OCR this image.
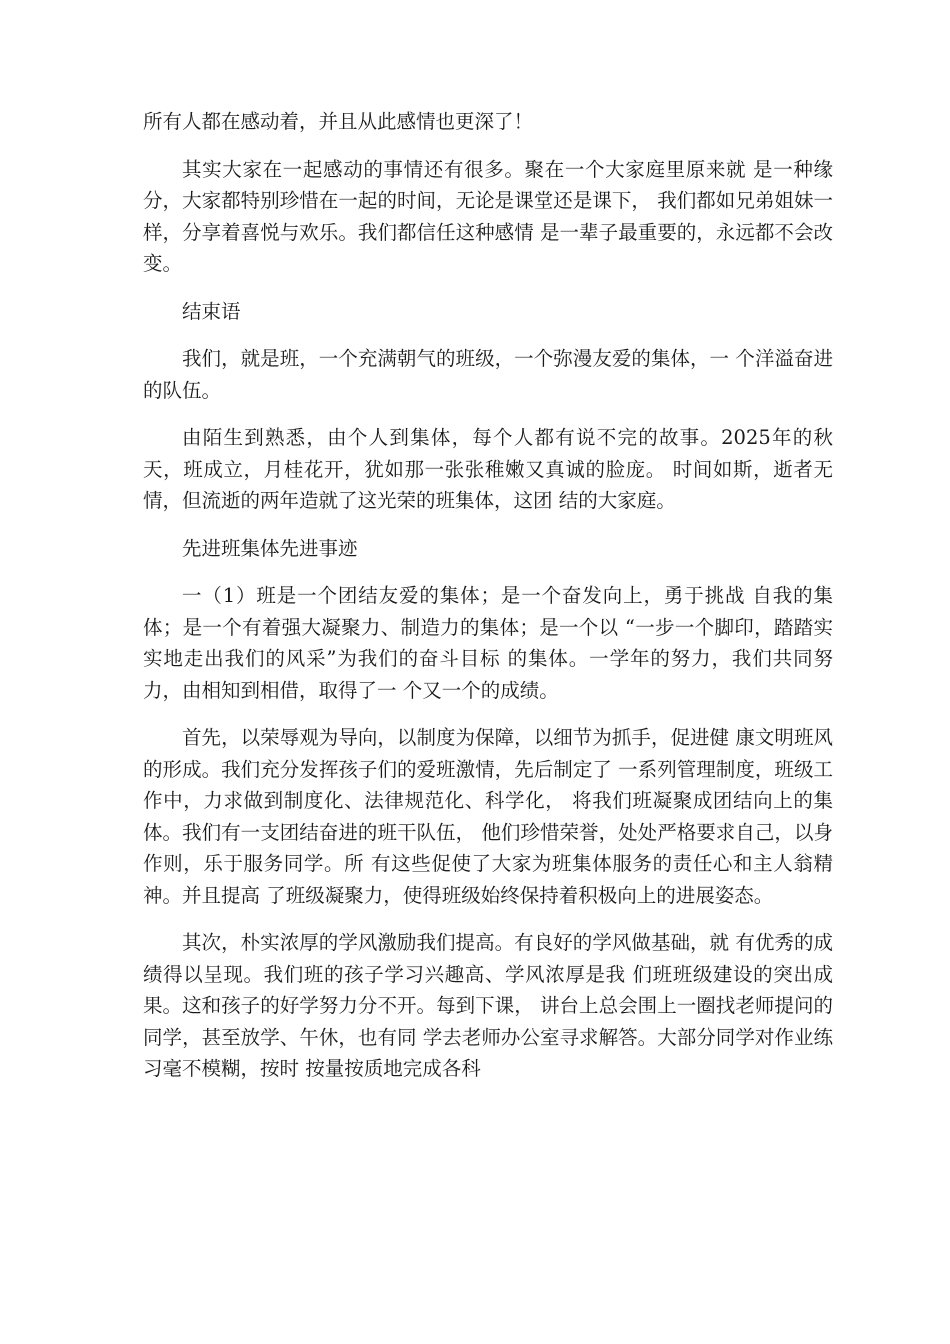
所有人都在感动着，并且从此感情也更深了！

其实大家在一起感动的事情还有很多。聚在一个大家庭里原来就 是一种缘分，大家都特别珍惜在一起的时间，无论是课堂还是课下， 我们都如兄弟姐妹一样，分享着喜悦与欢乐。我们都信任这种感情 是一辈子最重要的，永远都不会改变。

结束语

我们，就是班，一个充满朝气的班级，一个弥漫友爱的集体，一 个洋溢奋进的队伍。

由陌生到熟悉，由个人到集体，每个人都有说不完的故事。2025年的秋天，班成立，月桂花开，犹如那一张张稚嫩又真诚的脸庞。 时间如斯，逝者无情，但流逝的两年造就了这光荣的班集体，这团 结的大家庭。

先进班集体先进事迹

一（1）班是一个团结友爱的集体；是一个奋发向上，勇于挑战 自我的集体；是一个有着强大凝聚力、制造力的集体；是一个以 “一步一个脚印，踏踏实实地走出我们的风采”为我们的奋斗目标 的集体。一学年的努力，我们共同努力，由相知到相借，取得了一 个又一个的成绩。

首先，以荣辱观为导向，以制度为保障，以细节为抓手，促进健 康文明班风的形成。我们充分发挥孩子们的爱班激情，先后制定了 一系列管理制度，班级工作中，力求做到制度化、法律规范化、科学化， 将我们班凝聚成团结向上的集体。我们有一支团结奋进的班干队伍， 他们珍惜荣誉，处处严格要求自己，以身作则，乐于服务同学。所 有这些促使了大家为班集体服务的责任心和主人翁精神。并且提高 了班级凝聚力，使得班级始终保持着积极向上的进展姿态。

其次，朴实浓厚的学风激励我们提高。有良好的学风做基础，就 有优秀的成绩得以呈现。我们班的孩子学习兴趣高、学风浓厚是我 们班班级建设的突出成果。这和孩子的好学努力分不开。每到下课， 讲台上总会围上一圈找老师提问的同学，甚至放学、午休，也有同 学去老师办公室寻求解答。大部分同学对作业练习毫不模糊，按时 按量按质地完成各科
